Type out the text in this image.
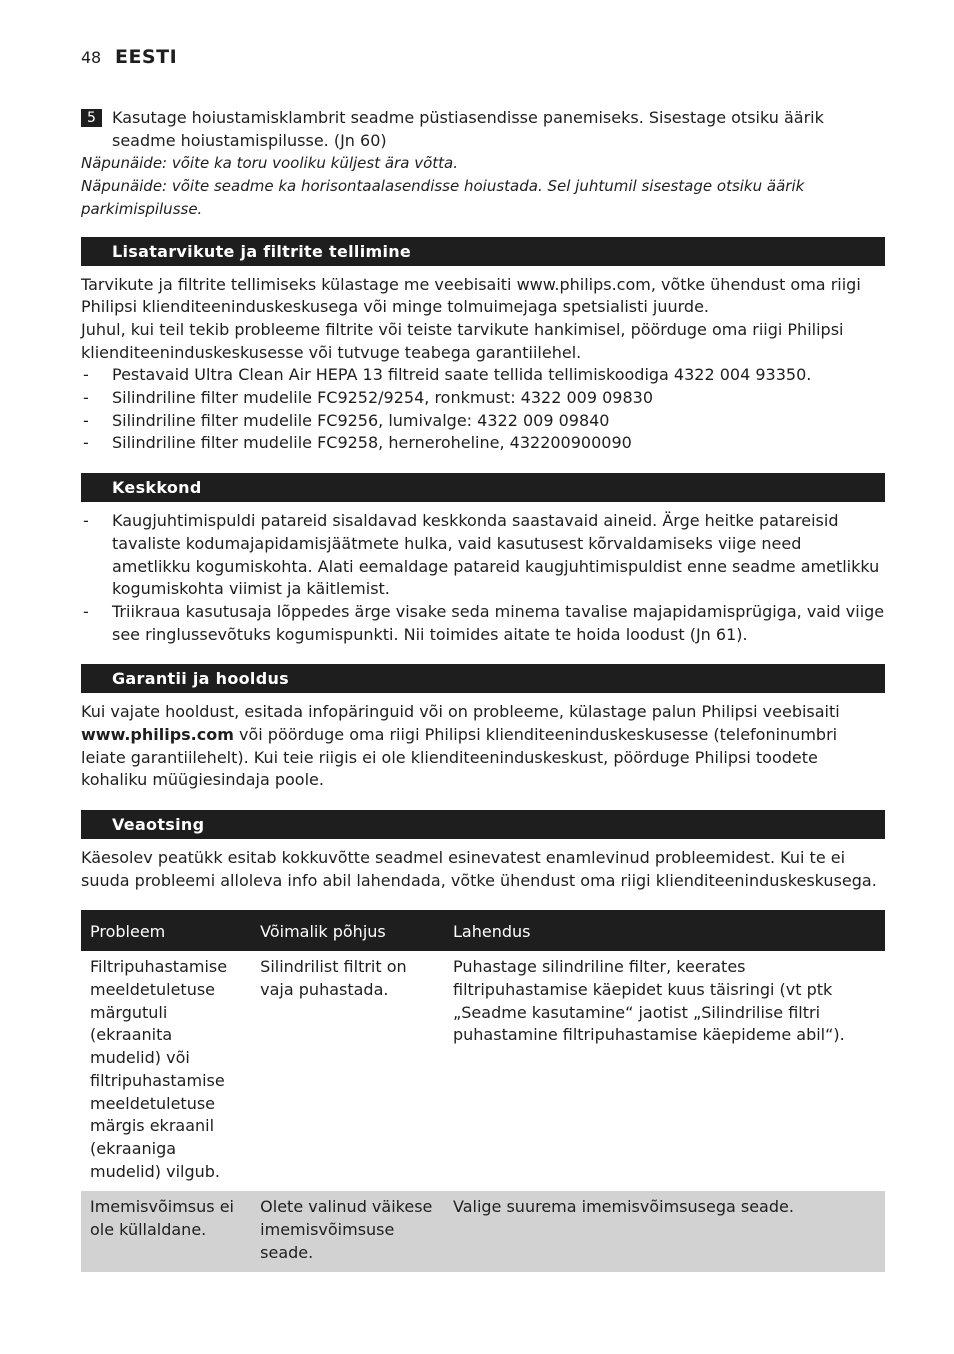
48 EESTI
5	Kasutage hoiustamisklambrit seadme püstiasendisse panemiseks. Sisestage otsiku äärik seadme hoiustamispilusse. (Jn 60)

Näpunäide: võite ka toru vooliku küljest ära võtta.

Näpunäide: võite seadme ka horisontaalasendisse hoiustada. Sel juhtumil sisestage otsiku äärik parkimispilusse.

Lisatarvikute ja filtrite tellimine

Tarvikute ja filtrite tellimiseks külastage me veebisaiti www.philips.com, võtke ühendust oma riigi Philipsi klienditeeninduskeskusega või minge tolmuimejaga spetsialisti juurde.

Juhul, kui teil tekib probleeme filtrite või teiste tarvikute hankimisel, pöörduge oma riigi Philipsi klienditeeninduskeskusesse või tutvuge teabega garantiilehel.

- Pestavaid Ultra Clean Air HEPA 13 filtreid saate tellida tellimiskoodiga 4322 004 93350.
- Silindriline filter mudelile FC9252/9254, ronkmust: 4322 009 09830
- Silindriline filter mudelile FC9256, lumivalge: 4322 009 09840
- Silindriline filter mudelile FC9258, herneroheline, 432200900090
Keskkond
- Kaugjuhtimispuldi patareid sisaldavad keskkonda saastavaid aineid. Ärge heitke patareisid tavaliste kodumajapidamisjäätmete hulka, vaid kasutusest kõrvaldamiseks viige need ametlikku kogumiskohta. Alati eemaldage patareid kaugjuhtimispuldist enne seadme ametlikku kogumiskohta viimist ja käitlemist.
- Triikraua kasutusaja lõppedes ärge visake seda minema tavalise majapidamisprügiga, vaid viige see ringlussevõtuks kogumispunkti. Nii toimides aitate te hoida loodust (Jn 61).
Garantii ja hooldus

Kui vajate hooldust, esitada infopäringuid või on probleeme, külastage palun Philipsi veebisaiti www.philips.com või pöörduge oma riigi Philipsi klienditeeninduskeskusesse (telefoninumbri leiate garantiilehelt). Kui teie riigis ei ole klienditeeninduskeskust, pöörduge Philipsi toodete kohaliku müügiesindaja poole.

Veaotsing

Käesolev peatükk esitab kokkuvõtte seadmel esinevatest enamlevinud probleemidest. Kui te ei suuda probleemi alloleva info abil lahendada, võtke ühendust oma riigi klienditeeninduskeskusega.

Probleem	Võimalik põhjus	Lahendus
Filtripuhastamise meeldetuletuse märgutuli (ekraanita mudelid) või filtripuhastamise meeldetuletuse märgis ekraanil (ekraaniga mudelid) vilgub.	Silindrilist filtrit on vaja puhastada.	Puhastage silindriline filter, keerates filtripuhastamise käepidet kuus täisringi (vt ptk „Seadme kasutamine“ jaotist „Silindrilise filtri puhastamine filtripuhastamise käepideme abil“).
Imemisvõimsus ei ole küllaldane.	Olete valinud väikese imemisvõimsuse seade.	Valige suurema imemisvõimsusega seade.
